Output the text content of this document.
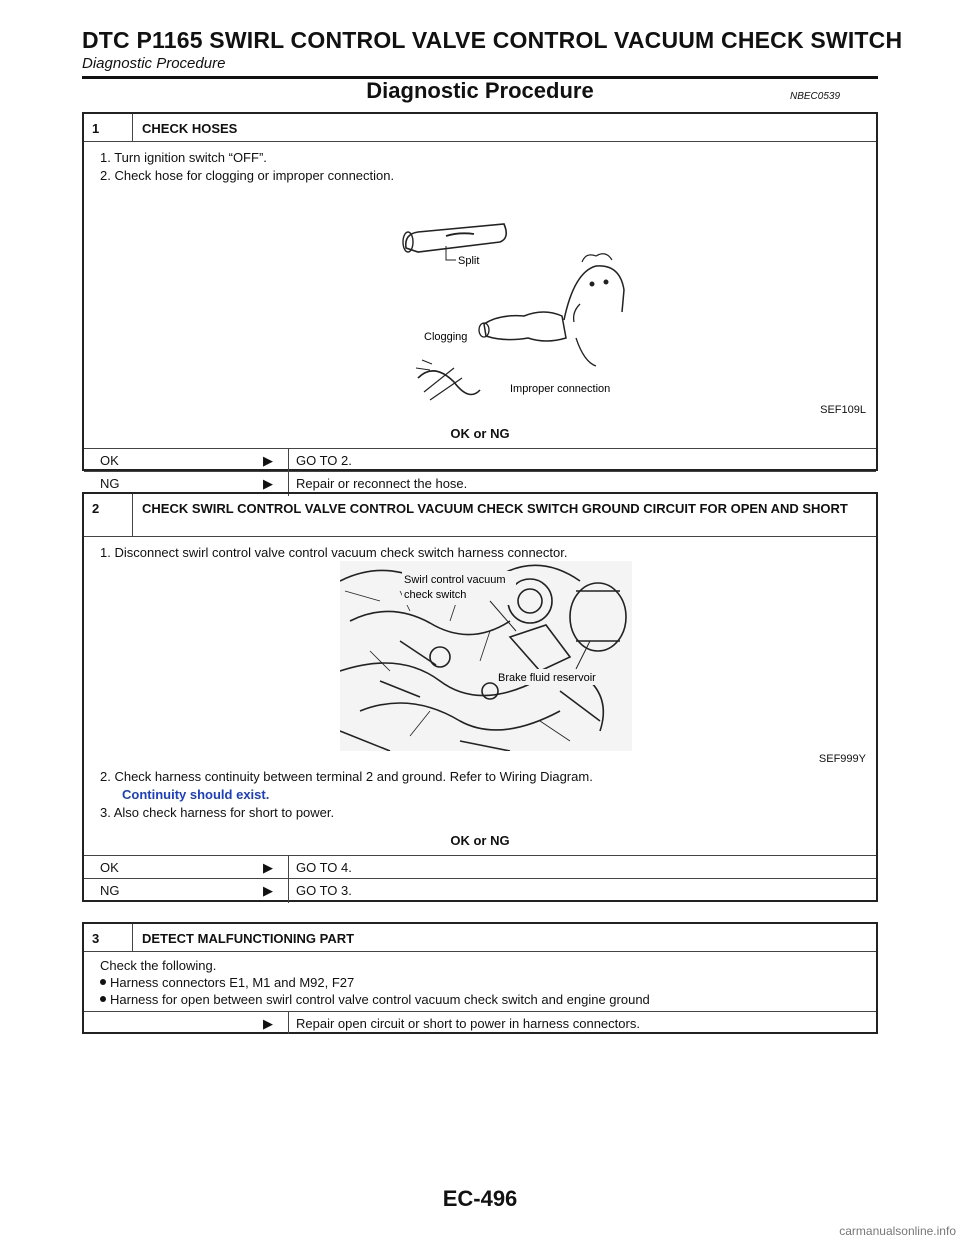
DTC P1165 SWIRL CONTROL VALVE CONTROL VACUUM CHECK SWITCH
Diagnostic Procedure
Diagnostic Procedure	NBEC0539
1	CHECK HOSES
1. Turn ignition switch “OFF”.
2. Check hose for clogging or improper connection.
Split
Clogging
Improper connection
SEF109L
OK or NG
OK	▶ GO TO 2.
NG	▶ Repair or reconnect the hose.
2	CHECK SWIRL CONTROL VALVE CONTROL VACUUM CHECK SWITCH GROUND CIRCUIT FOR OPEN AND SHORT
1. Disconnect swirl control valve control vacuum check switch harness connector.
Swirl control vacuum
check switch
Brake fluid reservoir
SEF999Y
2. Check harness continuity between terminal 2 and ground. Refer to Wiring Diagram.
Continuity should exist.
3. Also check harness for short to power.
OK or NG
OK	▶ GO TO 4.
NG	▶ GO TO 3.
3	DETECT MALFUNCTIONING PART
Check the following.
Harness connectors E1, M1 and M92, F27
Harness for open between swirl control valve control vacuum check switch and engine ground
▶ Repair open circuit or short to power in harness connectors.
EC-496
carmanualsonline.info
